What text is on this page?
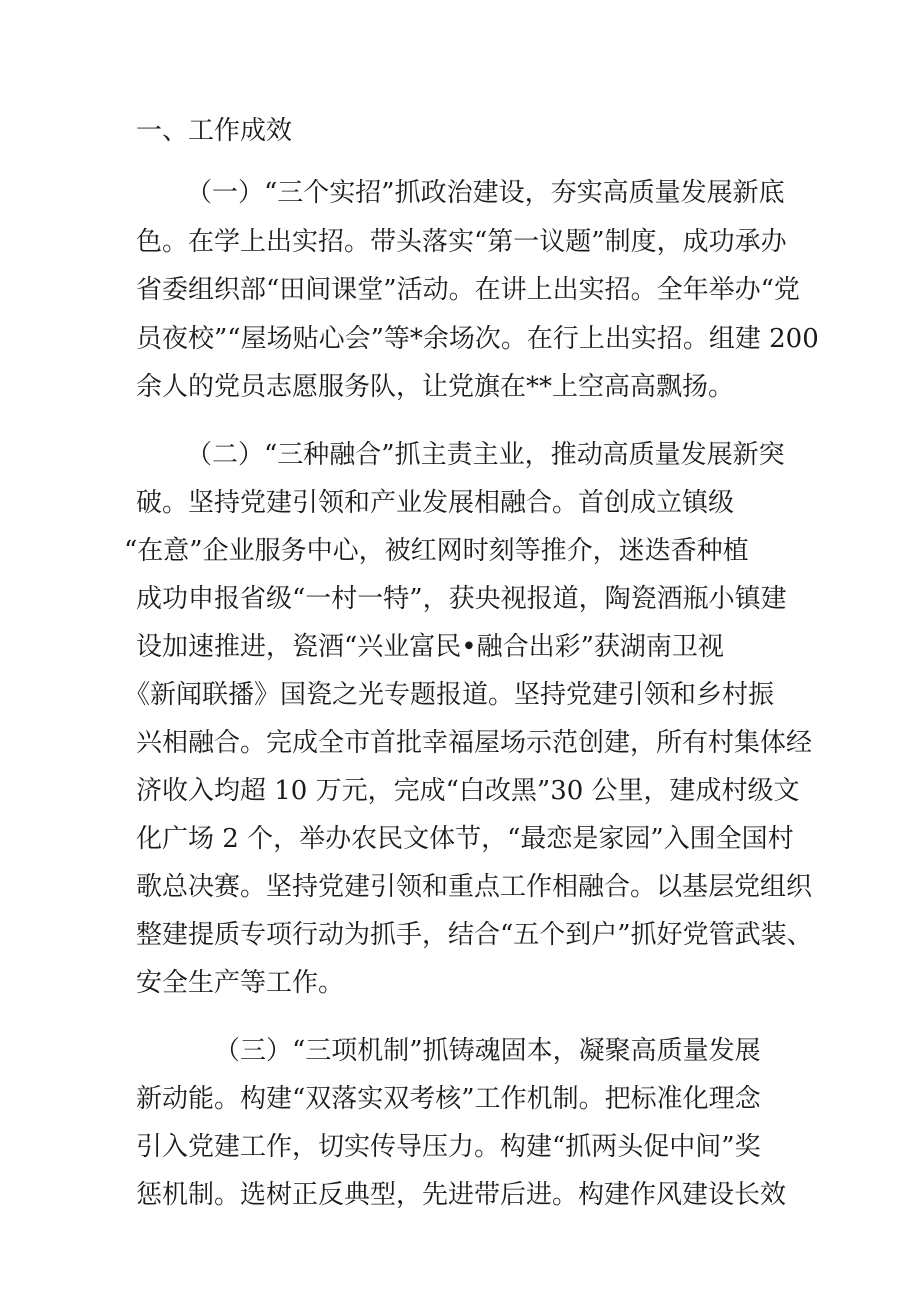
一、工作成效
（一）“三个实招”抓政治建设，夯实高质量发展新底
色。在学上出实招。带头落实“第一议题”制度，成功承办
省委组织部“田间课堂”活动。在讲上出实招。全年举办“党
员夜校”“屋场贴心会”等*余场次。在行上出实招。组建 200
余人的党员志愿服务队，让党旗在**上空高高飘扬。
（二）“三种融合”抓主责主业，推动高质量发展新突
破。坚持党建引领和产业发展相融合。首创成立镇级
“在意”企业服务中心，被红网时刻等推介，迷迭香种植
成功申报省级“一村一特”，获央视报道，陶瓷酒瓶小镇建
设加速推进，瓷酒“兴业富民•融合出彩”获湖南卫视
《新闻联播》国瓷之光专题报道。坚持党建引领和乡村振
兴相融合。完成全市首批幸福屋场示范创建，所有村集体经
济收入均超 10 万元，完成“白改黑”30 公里，建成村级文
化广场 2 个，举办农民文体节，“最恋是家园”入围全国村
歌总决赛。坚持党建引领和重点工作相融合。以基层党组织
整建提质专项行动为抓手，结合“五个到户”抓好党管武装、
安全生产等工作。
（三）“三项机制”抓铸魂固本，凝聚高质量发展
新动能。构建“双落实双考核”工作机制。把标准化理念
引入党建工作，切实传导压力。构建“抓两头促中间”奖
惩机制。选树正反典型，先进带后进。构建作风建设长效
